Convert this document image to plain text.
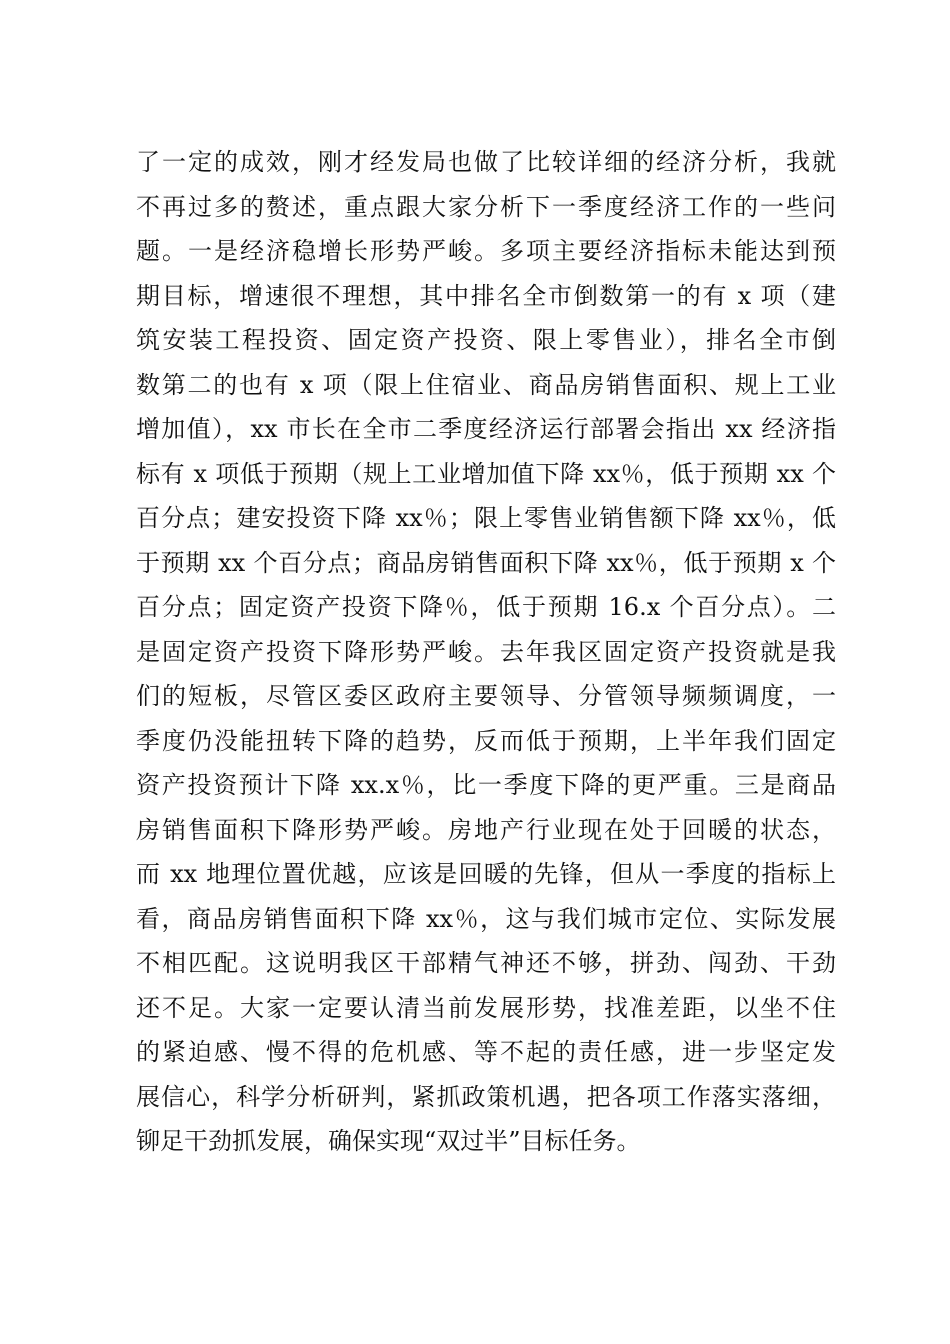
了一定的成效，刚才经发局也做了比较详细的经济分析，我就
不再过多的赘述，重点跟大家分析下一季度经济工作的一些问
题。一是经济稳增长形势严峻。多项主要经济指标未能达到预
期目标，增速很不理想，其中排名全市倒数第一的有 x 项（建
筑安装工程投资、固定资产投资、限上零售业），排名全市倒
数第二的也有 x 项（限上住宿业、商品房销售面积、规上工业
增加值），xx 市长在全市二季度经济运行部署会指出 xx 经济指
标有 x 项低于预期（规上工业增加值下降 xx％，低于预期 xx 个
百分点；建安投资下降 xx％；限上零售业销售额下降 xx％，低
于预期 xx 个百分点；商品房销售面积下降 xx％，低于预期 x 个
百分点；固定资产投资下降％，低于预期 16.x 个百分点）。二
是固定资产投资下降形势严峻。去年我区固定资产投资就是我
们的短板，尽管区委区政府主要领导、分管领导频频调度，一
季度仍没能扭转下降的趋势，反而低于预期，上半年我们固定
资产投资预计下降 xx.x％，比一季度下降的更严重。三是商品
房销售面积下降形势严峻。房地产行业现在处于回暖的状态，
而 xx 地理位置优越，应该是回暖的先锋，但从一季度的指标上
看，商品房销售面积下降 xx％，这与我们城市定位、实际发展
不相匹配。这说明我区干部精气神还不够，拼劲、闯劲、干劲
还不足。大家一定要认清当前发展形势，找准差距，以坐不住
的紧迫感、慢不得的危机感、等不起的责任感，进一步坚定发
展信心，科学分析研判，紧抓政策机遇，把各项工作落实落细，
铆足干劲抓发展，确保实现“双过半”目标任务。
